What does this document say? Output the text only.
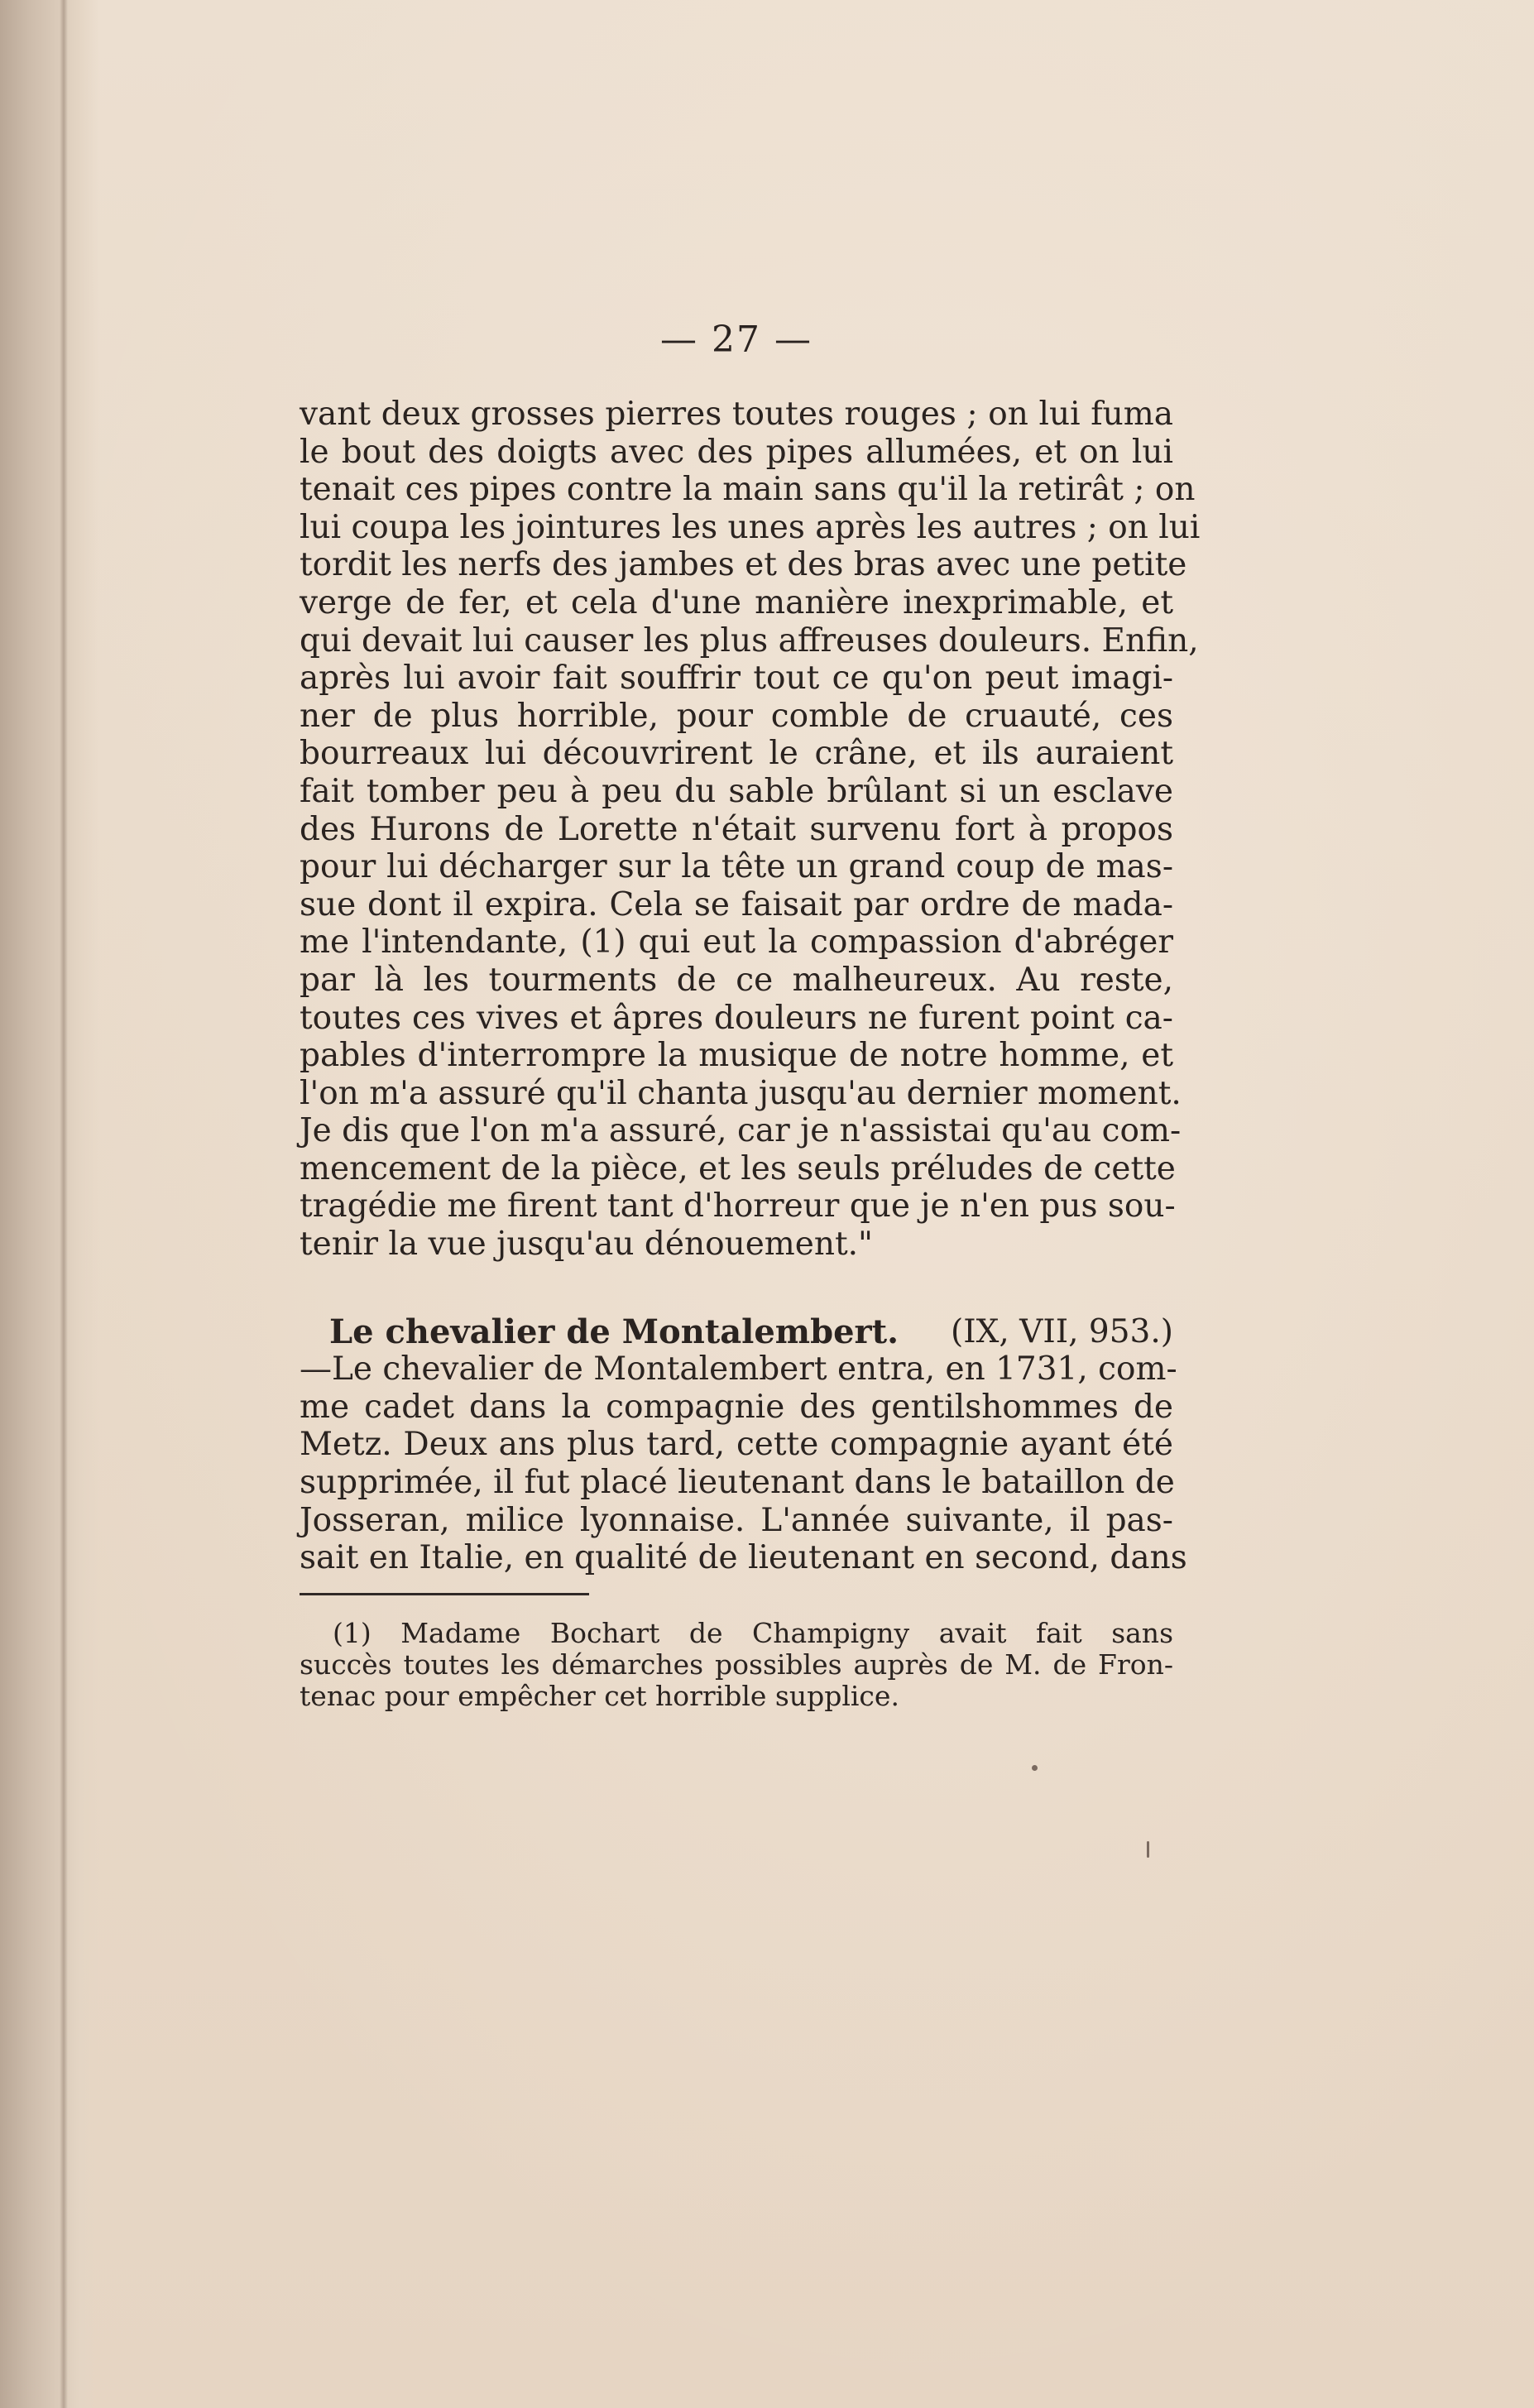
— 27 —
vant deux grosses pierres toutes rouges ; on lui fuma
le bout des doigts avec des pipes allumées, et on lui
tenait ces pipes contre la main sans qu'il la retirât ; on
lui coupa les jointures les unes après les autres ; on lui
tordit les nerfs des jambes et des bras avec une petite
verge de fer, et cela d'une manière inexprimable, et
qui devait lui causer les plus affreuses douleurs. Enfin,
après lui avoir fait souffrir tout ce qu'on peut imagi-
ner de plus horrible, pour comble de cruauté, ces
bourreaux lui découvrirent le crâne, et ils auraient
fait tomber peu à peu du sable brûlant si un esclave
des Hurons de Lorette n'était survenu fort à propos
pour lui décharger sur la tête un grand coup de mas-
sue dont il expira. Cela se faisait par ordre de mada-
me l'intendante, (1) qui eut la compassion d'abréger
par là les tourments de ce malheureux. Au reste,
toutes ces vives et âpres douleurs ne furent point ca-
pables d'interrompre la musique de notre homme, et
l'on m'a assuré qu'il chanta jusqu'au dernier moment.
Je dis que l'on m'a assuré, car je n'assistai qu'au com-
mencement de la pièce, et les seuls préludes de cette
tragédie me firent tant d'horreur que je n'en pus sou-
tenir la vue jusqu'au dénouement."
Le chevalier de Montalembert. (IX, VII, 953.)
—Le chevalier de Montalembert entra, en 1731, com-
me cadet dans la compagnie des gentilshommes de
Metz. Deux ans plus tard, cette compagnie ayant été
supprimée, il fut placé lieutenant dans le bataillon de
Josseran, milice lyonnaise. L'année suivante, il pas-
sait en Italie, en qualité de lieutenant en second, dans
(1) Madame Bochart de Champigny avait fait sans
succès toutes les démarches possibles auprès de M. de Fron-
tenac pour empêcher cet horrible supplice.
